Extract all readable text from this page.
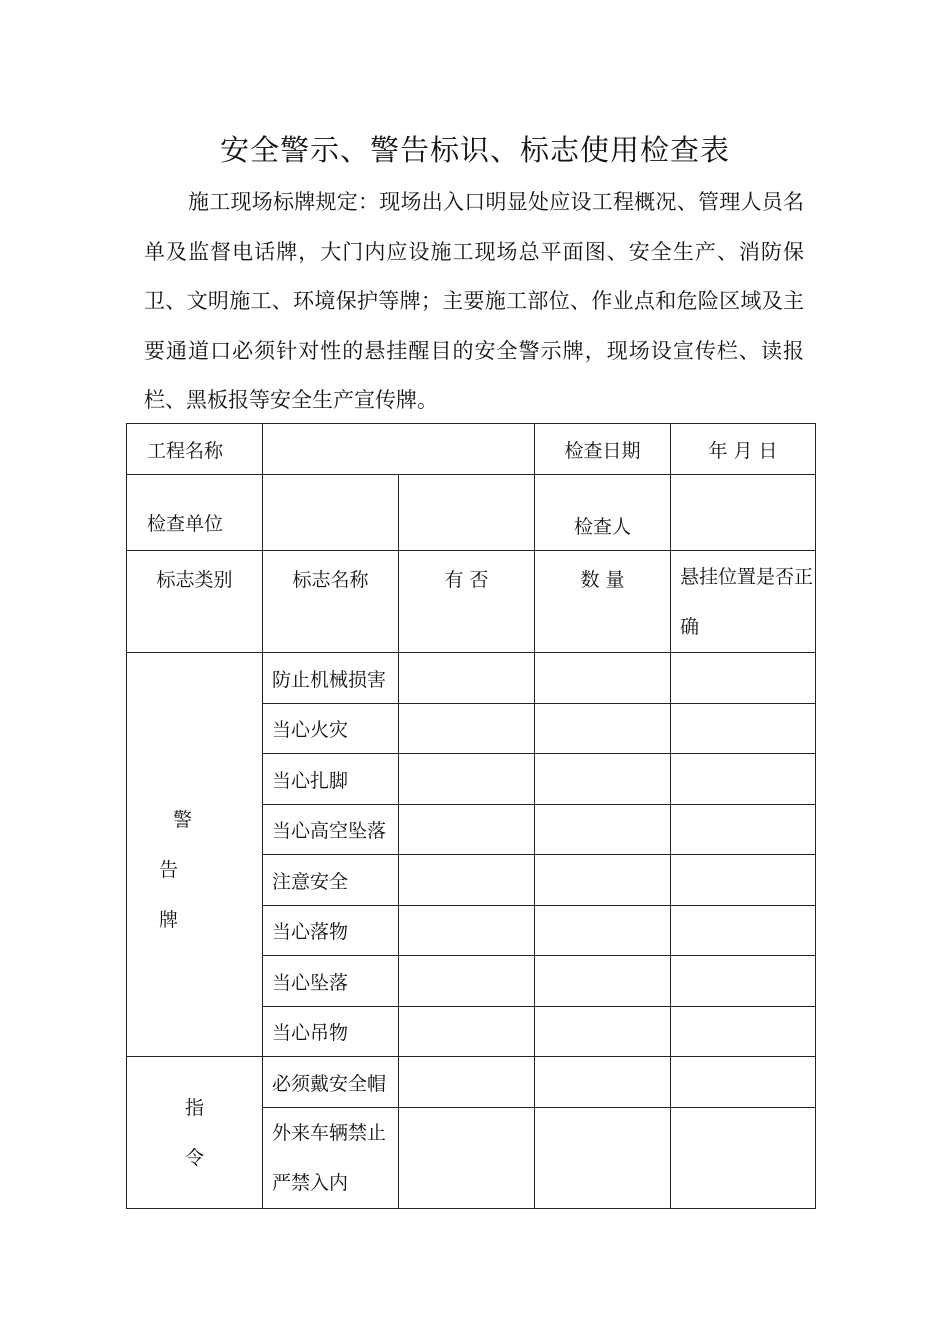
安全警示、警告标识、标志使用检查表
施工现场标牌规定：现场出入口明显处应设工程概况、管理人员名单及监督电话牌，大门内应设施工现场总平面图、安全生产、消防保卫、文明施工、环境保护等牌；主要施工部位、作业点和危险区域及主要通道口必须针对性的悬挂醒目的安全警示牌，现场设宣传栏、读报栏、黑板报等安全生产宣传牌。
工程名称			检查日期	年 月 日
检查单位			检查人	
标志类别	标志名称	有 否	数 量	悬挂位置是否正确

警
告
牌	防止机械损害			
	当心火灾			
	当心扎脚			
	当心高空坠落			
	注意安全			
	当心落物			
	当心坠落			
	当心吊物			

指
令	必须戴安全帽			
	外来车辆禁止严禁入内			
